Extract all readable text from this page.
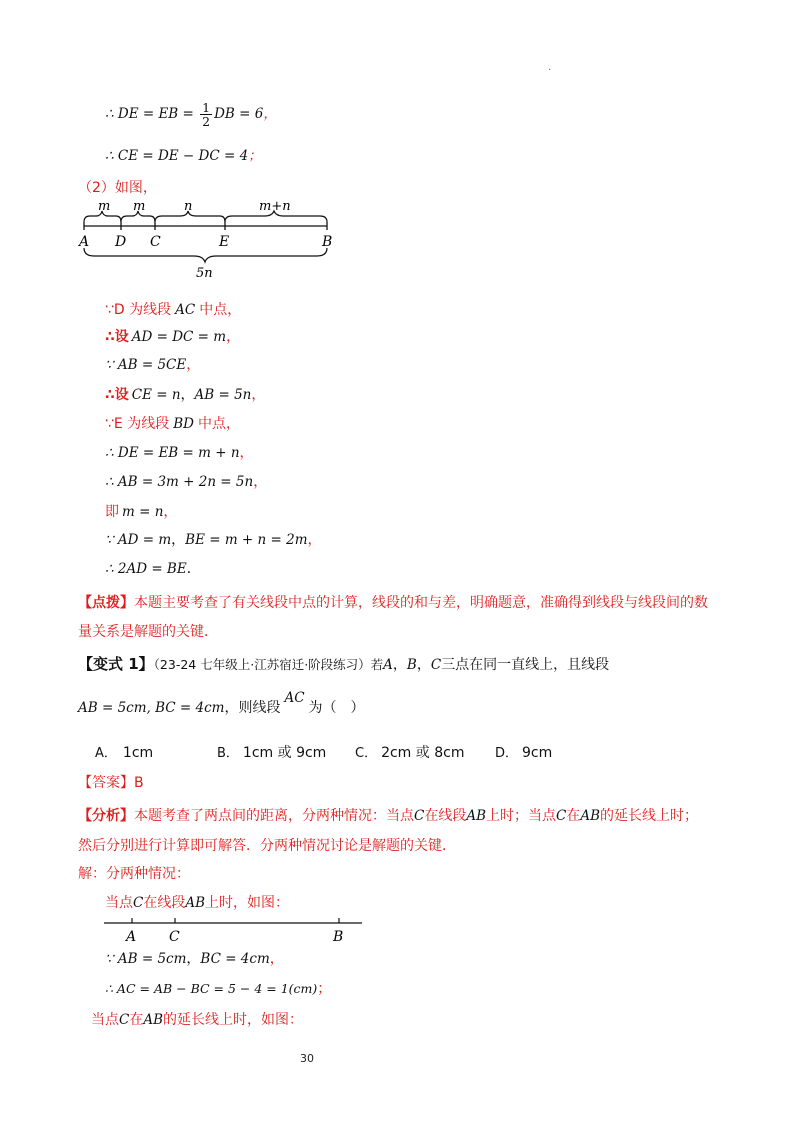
.
∴ DE = EB = $\frac{1}{2}$ DB = 6，
∴ CE = DE − DC = 4；
（2）如图，
m m	n	m+n
A D C	E	B
5n
∵D 为线段 AC 中点，
∴设 AD = DC = m，
∵ AB = 5CE，
∴设 CE = n，AB = 5n，
∵E 为线段 BD 中点，
∴ DE = EB = m + n，
∴ AB = 3m + 2n = 5n，
即 m = n，
∵ AD = m，BE = m + n = 2m，
∴ 2AD = BE．
【点拨】本题主要考查了有关线段中点的计算，线段的和与差，明确题意，准确得到线段与线段间的数
量关系是解题的关键．
【变式 1】（23-24 七年级上·江苏宿迁·阶段练习）若A，B，C三点在同一直线上，且线段
AB = 5cm, BC = 4cm，则线段AC为（　）
A． 1cm	B． 1cm 或 9cm C． 2cm 或 8cm D． 9cm
【答案】B
【分析】本题考查了两点间的距离，分两种情况：当点C在线段AB上时；当点C在AB的延长线上时；
然后分别进行计算即可解答．分两种情况讨论是解题的关键．
解：分两种情况：
当点C在线段AB上时，如图：
A C	B
∵ AB = 5cm，BC = 4cm，
∴ AC = AB − BC = 5 − 4 = 1(cm)；
当点C在AB的延长线上时，如图：
30
